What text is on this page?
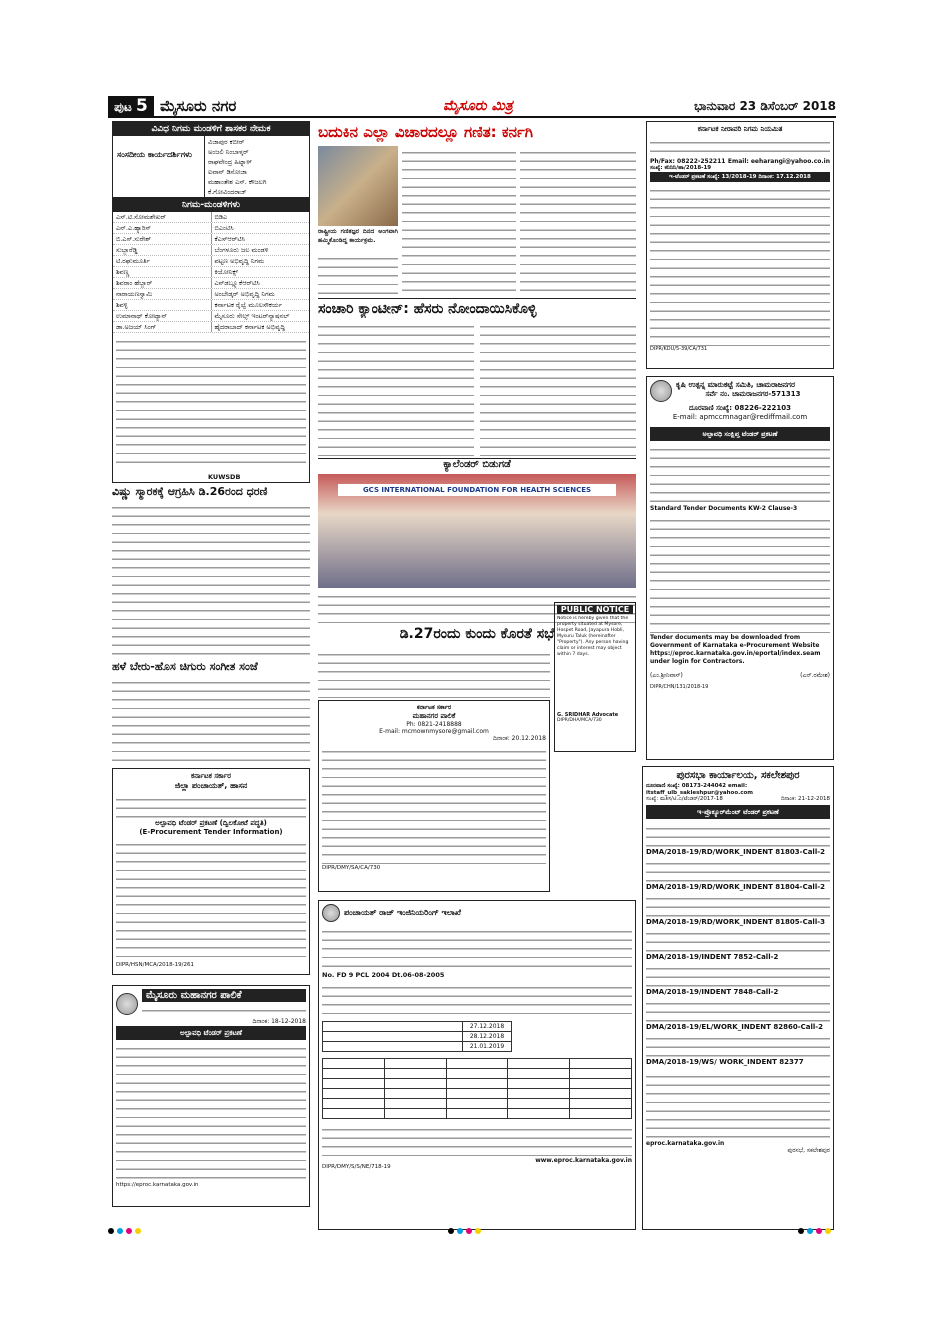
ಪುಟ 5 ಮೈಸೂರು ನಗರ	ಮೈಸೂರು ಮಿತ್ರ	ಭಾನುವಾರ 23 ಡಿಸೆಂಬರ್ 2018
ವಿವಿಧ ನಿಗಮ ಮಂಡಳಿಗೆ ಶಾಸಕರ ನೇಮಕ
ಸಂಸದೀಯ ಕಾರ್ಯದರ್ಶಿಗಳು
ವಿಜಾಪುರ ಕಬೀರ್
ಅಂಜಲಿ ನಿಂಬಾಳ್ಕರ್
ರಾಘವೇಂದ್ರ ಹಿಟ್ನಾಳ್
ಐವಾನ್ ಡಿಸೋಜಾ
ಮಹಾಂತೇಶ ಎಸ್. ಕೌಜಲಗಿ
ಕೆ.ಗೋವಿಂದರಾಜ್
ನಿಗಮ-ಮಂಡಳಿಗಳು
ಎಸ್.ಟಿ.ಸೋಮಶೇಖರ್	ಬಿಡಿಎ
ಎನ್.ಎ.ಹ್ಯಾರಿಸ್	ಬಿಎಂಟಿಸಿ
ಬಿ.ಎಸ್.ಸುರೇಶ್	ಕೆಎಸ್ಆರ್‌ಟಿಸಿ
ಸುಬ್ಬಾರೆಡ್ಡಿ	ಬೆಂಗಳೂರು ಜಲ ಮಂಡಳಿ
ಟಿ.ರಘುಮೂರ್ತಿ	ಪಟ್ಟಣ ಅಭಿವೃದ್ಧಿ ನಿಗಮ
ಶಿವಣ್ಣ	ಕಿಯೋನಿಕ್ಸ್
ಶಿವರಾಂ ಹೆಬ್ಬಾರ್	ಎನ್‌ಡಬ್ಲ್ಯೂಕೆಆರ್‌ಟಿಸಿ
ನಾರಾಯಣಸ್ವಾಮಿ	ಅಂಬೇಡ್ಕರ್ ಅಭಿವೃದ್ಧಿ ನಿಗಮ
ಶಿವಳ್ಳಿ	ಕರ್ನಾಟಕ ರೈಲ್ವೆ ಮೂಲಸೌಕರ್ಯ
ಉಮಾನಾಥ್ ಕೋಟ್ಯಾನ್	ಮೈಸೂರು ಸೇಲ್ಸ್ ಇಂಟರ್‌ನ್ಯಾಷನಲ್
ಡಾ.ಅಜಯ್ ಸಿಂಗ್	ಹೈದರಾಬಾದ್ ಕರ್ನಾಟಕ ಅಭಿವೃದ್ಧಿ
KUWSDB
ವಿಷ್ಣು ಸ್ಮಾರಕಕ್ಕೆ ಆಗ್ರಹಿಸಿ ಡಿ.26ರಂದ ಧರಣಿ
ಹಳೆ ಬೇರು-ಹೊಸ ಚಿಗುರು ಸಂಗೀತ ಸಂಜೆ
ಕರ್ನಾಟಕ ಸರ್ಕಾರ
ಜಿಲ್ಲಾ ಪಂಚಾಯತ್, ಹಾಸನ
ಅಲ್ಪಾವಧಿ ಟೆಂಡರ್ ಪ್ರಕಟಣೆ (ದ್ವಿಲಕೋಟೆ ಪದ್ಧತಿ)
(E-Procurement Tender Information)
DIPR/HSN/MCA/2018-19/261
ಮೈಸೂರು ಮಹಾನಗರ ಪಾಲಿಕೆ
ದಿನಾಂಕ: 18-12-2018
ಅಲ್ಪಾವಧಿ ಟೆಂಡರ್ ಪ್ರಕಟಣೆ
https://eproc.karnataka.gov.in
ಬದುಕಿನ ಎಲ್ಲಾ ವಿಚಾರದಲ್ಲೂ ಗಣಿತ: ಕರ್ನಗಿ
ರಾಷ್ಟ್ರೀಯ ಗಣಿತಜ್ಞರ ದಿನದ ಅಂಗವಾಗಿ ಹಮ್ಮಿಕೊಂಡಿದ್ದ ಕಾರ್ಯಕ್ರಮ.
ಸಂಚಾರಿ ಕ್ಯಾಂಟೀನ್: ಹೆಸರು ನೋಂದಾಯಿಸಿಕೊಳ್ಳಿ
ಕ್ಯಾಲೆಂಡರ್ ಬಿಡುಗಡೆ
GCS INTERNATIONAL FOUNDATION FOR HEALTH SCIENCES
ಡಿ.27ರಂದು ಕುಂದು ಕೊರತೆ ಸಭೆ
PUBLIC NOTICE
Notice is hereby given that the property situated at Mysore, Hospet Road, Jayapura Hobli, Mysuru Taluk (hereinafter "Property"). Any person having claim or interest may object within 7 days.
G. SRIDHAR Advocate
DIPR/DHA/MCA/730
ಕರ್ನಾಟಕ ಸರ್ಕಾರ
ಮಹಾನಗರ ಪಾಲಿಕೆ
Ph: 0821-2418888
E-mail: mcmownmysore@gmail.com
ದಿನಾಂಕ: 20.12.2018
DIPR/DMY/SA/CA/730
ಪಂಚಾಯತ್ ರಾಜ್ ಇಂಜಿನಿಯರಿಂಗ್ ಇಲಾಖೆ
No. FD 9 PCL 2004 Dt.06-08-2005
	27.12.2018
	28.12.2018
	21.01.2019

www.eproc.karnataka.gov.in
DIPR/DMY/S/S/NE/718-19
ಕರ್ನಾಟಕ ನೀರಾವರಿ ನಿಗಮ ನಿಯಮಿತ
Ph/Fax: 08222-252211 Email: eeharangi@yahoo.co.in
ಸಂಖ್ಯೆ: ಕನಿನಿನಿ/ಹಾ/2018-19
ಇ-ಟೆಂಡರ್ ಪ್ರಕಟಣೆ ಸಂಖ್ಯೆ: 13/2018-19 ದಿನಾಂಕ: 17.12.2018
DIPR/KDU/5-39/CA/731
ಕೃಷಿ ಉತ್ಪನ್ನ ಮಾರುಕಟ್ಟೆ ಸಮಿತಿ, ಚಾಮರಾಜನಗರ
ಸರ್ವೆ ನಂ. ಚಾಮರಾಜನಗರ-571313
ದೂರವಾಣಿ ಸಂಖ್ಯೆ: 08226-222103
E-mail: apmccmnagar@rediffmail.com
ಅಲ್ಪಾವಧಿ ಸಂಕ್ಷಿಪ್ತ ಟೆಂಡರ್ ಪ್ರಕಟಣೆ
Standard Tender Documents KW-2 Clause-3
Tender documents may be downloaded from Government of Karnataka e-Procurement Website https://eproc.karnataka.gov.in/eportal/index.seam under login for Contractors.
(ಎಂ.ಶ್ರೀನಿವಾಸ್)	(ಎನ್.ರಮೇಶ)
DIPR/CHN/131/2018-19
ಪುರಸಭಾ ಕಾರ್ಯಾಲಯ, ಸಕಲೇಶಪುರ
ದೂರವಾಣಿ ಸಂಖ್ಯೆ: 08173-244042 email: itstaff_ulb_sakleshpur@yahoo.com
ಸಂಖ್ಯೆ: ಮತಿಸ/ಟಿ.ಎ/ಟೆಂಡರ್/2017-18	ದಿನಾಂಕ: 21-12-2018
ಇ-ಪ್ರೊಕ್ಯೂರ್‌ಮೆಂಟ್ ಟೆಂಡರ್ ಪ್ರಕಟಣೆ
DMA/2018-19/RD/WORK_INDENT 81803-Call-2
DMA/2018-19/RD/WORK_INDENT 81804-Call-2
DMA/2018-19/RD/WORK_INDENT 81805-Call-3
DMA/2018-19/INDENT 7852-Call-2
DMA/2018-19/INDENT 7848-Call-2
DMA/2018-19/EL/WORK_INDENT 82860-Call-2
DMA/2018-19/WS/ WORK_INDENT 82377
eproc.karnataka.gov.in
ಪುರಸಭೆ, ಸಕಲೇಶಪುರ
